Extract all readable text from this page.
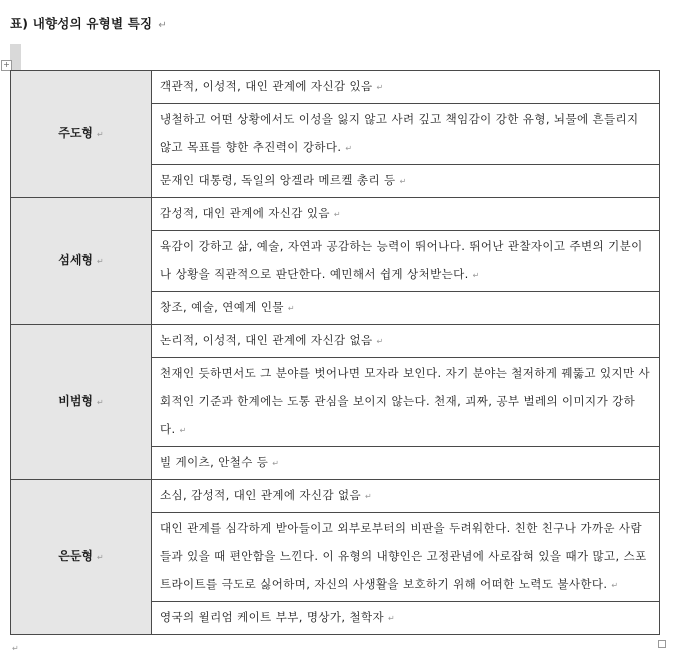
표) 내향성의 유형별 특징 ↵
+
주도형 ↵	객관적, 이성적, 대인 관계에 자신감 있음 ↵
	냉철하고 어떤 상황에서도 이성을 잃지 않고 사려 깊고 책임감이 강한 유형, 뇌물에 흔들리지 않고 목표를 향한 추진력이 강하다. ↵
	문재인 대통령, 독일의 앙겔라 메르켈 총리 등 ↵
섬세형 ↵	감성적, 대인 관계에 자신감 있음 ↵
	육감이 강하고 삶, 예술, 자연과 공감하는 능력이 뛰어나다. 뛰어난 관찰자이고 주변의 기분이나 상황을 직관적으로 판단한다. 예민해서 쉽게 상처받는다. ↵
	창조, 예술, 연예계 인물 ↵
비범형 ↵	논리적, 이성적, 대인 관계에 자신감 없음 ↵
	천재인 듯하면서도 그 분야를 벗어나면 모자라 보인다. 자기 분야는 철저하게 꿰뚫고 있지만 사회적인 기준과 한계에는 도통 관심을 보이지 않는다. 천재, 괴짜, 공부 벌레의 이미지가 강하다. ↵
	빌 게이츠, 안철수 등 ↵
은둔형 ↵	소심, 감성적, 대인 관계에 자신감 없음 ↵
	대인 관계를 심각하게 받아들이고 외부로부터의 비판을 두려워한다. 친한 친구나 가까운 사람들과 있을 때 편안함을 느낀다. 이 유형의 내향인은 고정관념에 사로잡혀 있을 때가 많고, 스포트라이트를 극도로 싫어하며, 자신의 사생활을 보호하기 위해 어떠한 노력도 불사한다. ↵
	영국의 윌리엄 케이트 부부, 명상가, 철학자 ↵
↵
